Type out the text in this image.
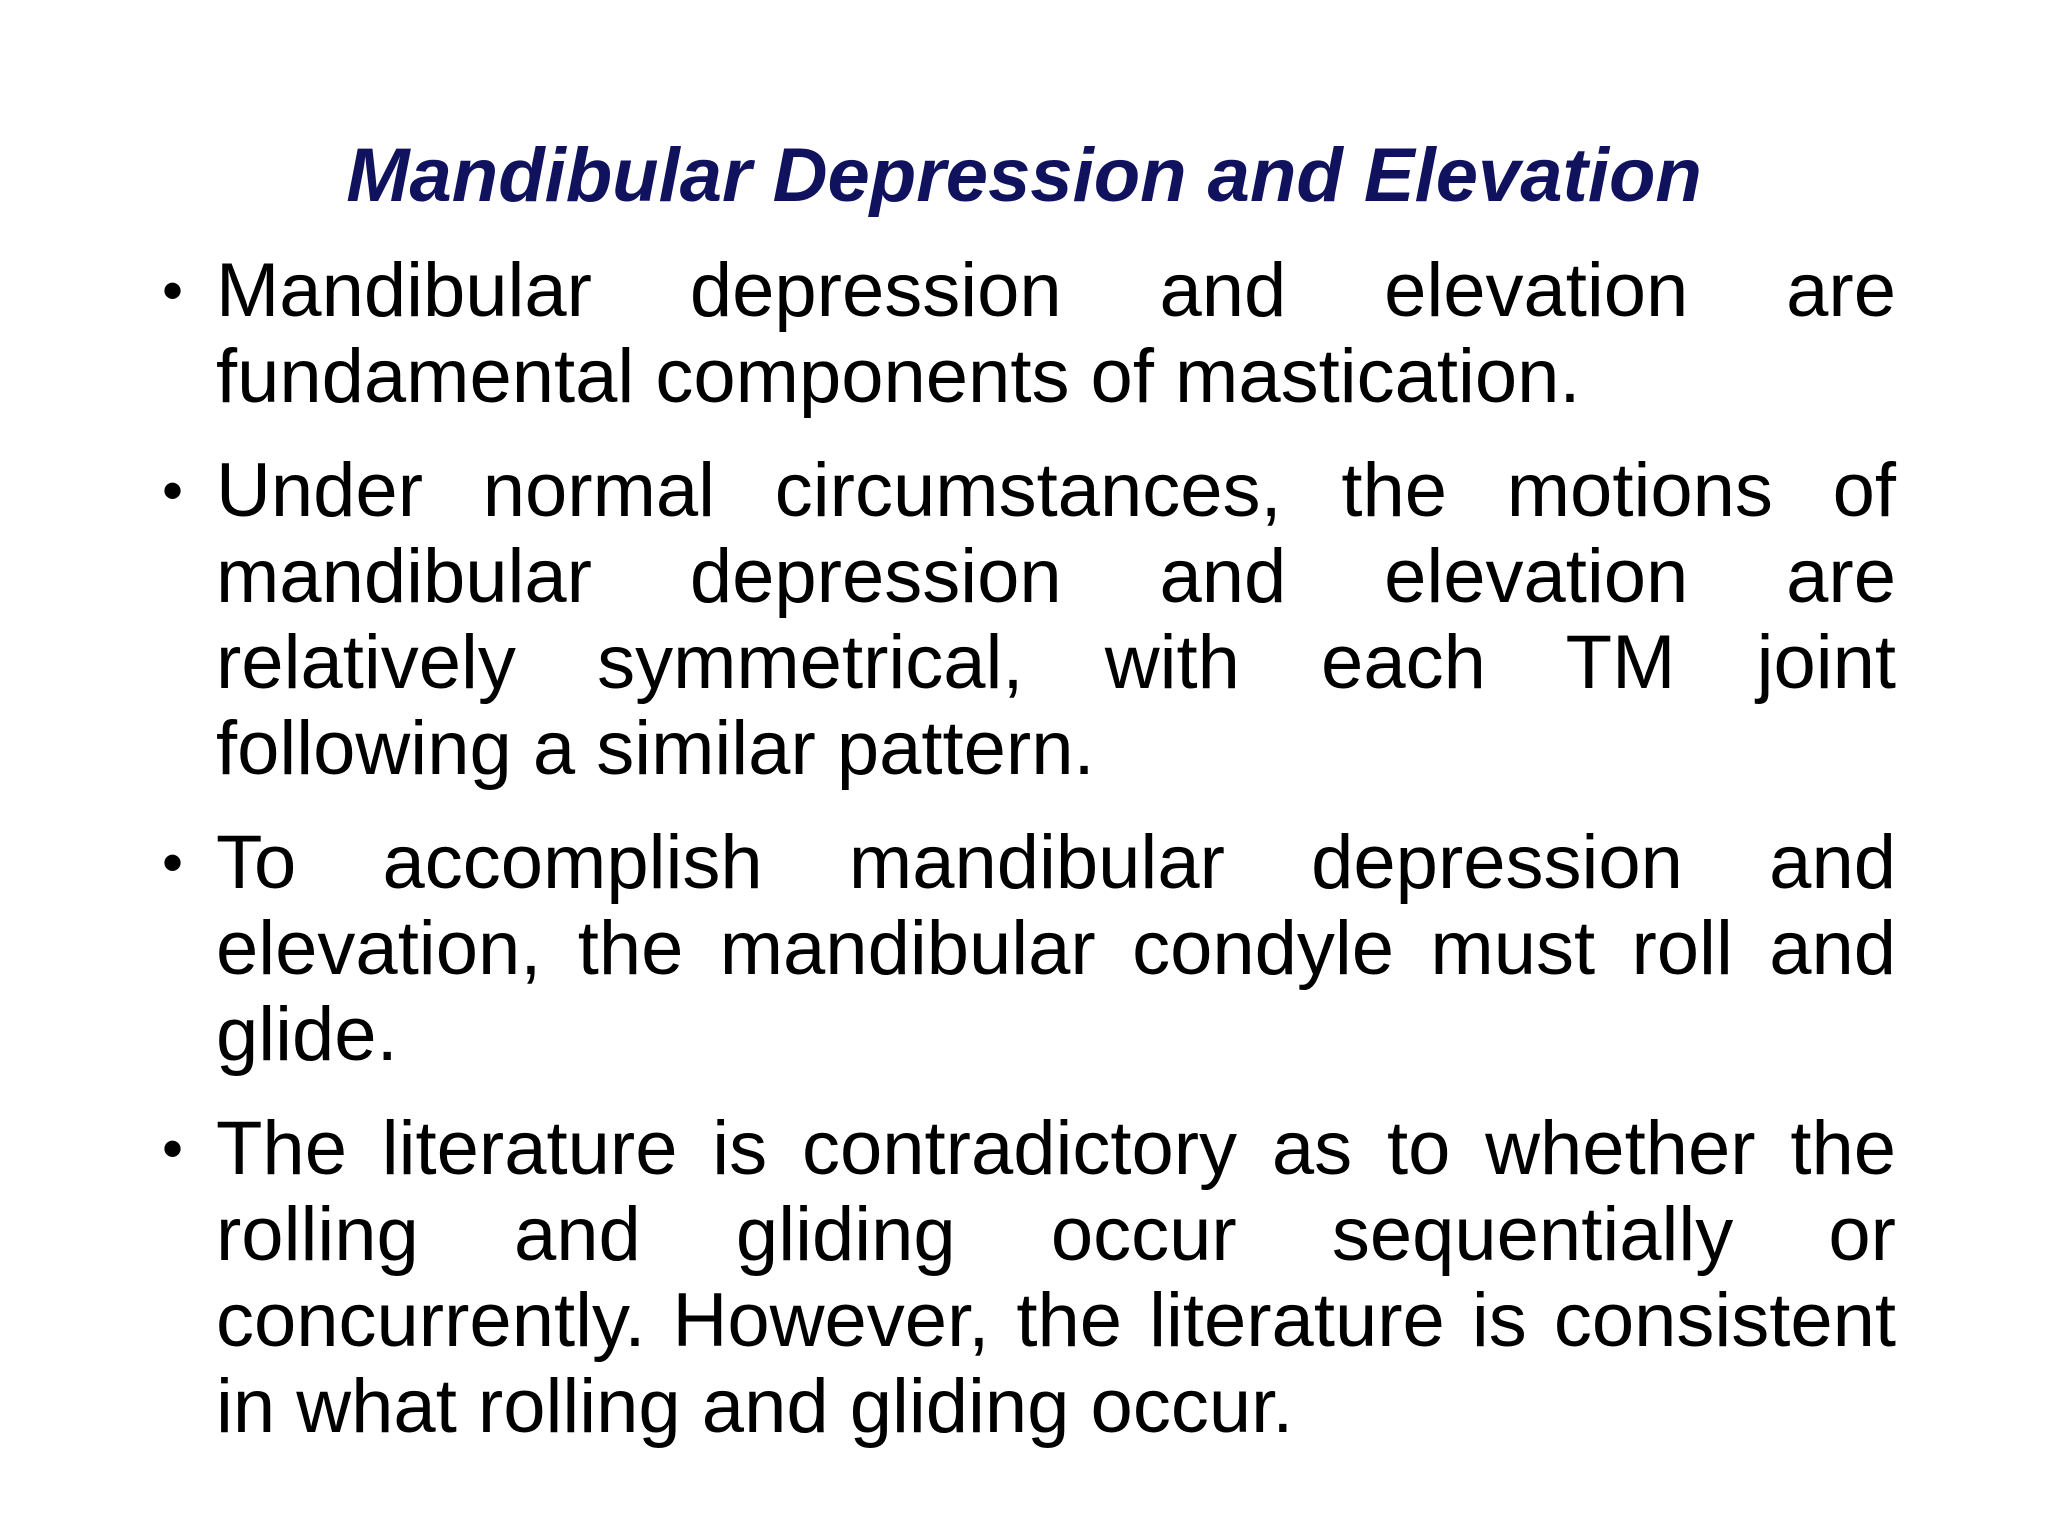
Mandibular Depression and Elevation
• Mandibular depression and elevation are fundamental components of mastication.
• Under normal circumstances, the motions of mandibular depression and elevation are relatively symmetrical, with each TM joint following a similar pattern.
• To accomplish mandibular depression and elevation, the mandibular condyle must roll and glide.
• The literature is contradictory as to whether the rolling and gliding occur sequentially or concurrently. However, the literature is consistent in what rolling and gliding occur.
